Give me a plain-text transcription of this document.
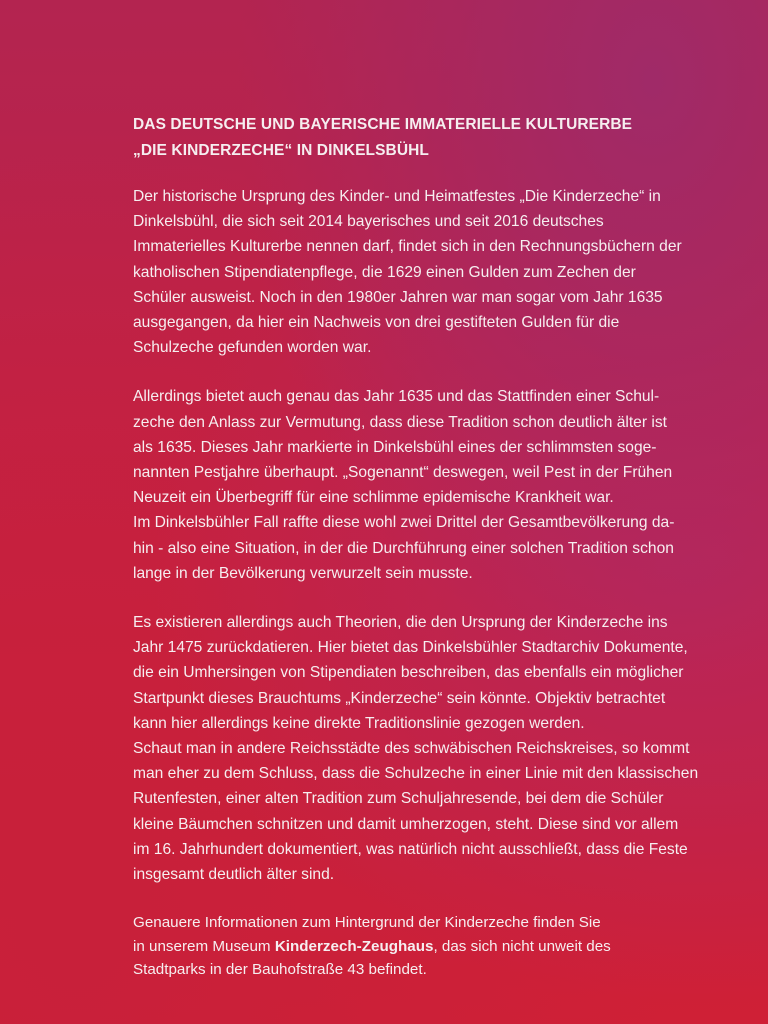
DAS DEUTSCHE UND BAYERISCHE IMMATERIELLE KULTURERBE
„DIE KINDERZECHE“ IN DINKELSBÜHL
Der historische Ursprung des Kinder- und Heimatfestes „Die Kinderzeche“ in
Dinkelsbühl, die sich seit 2014 bayerisches und seit 2016 deutsches
Immaterielles Kulturerbe nennen darf, findet sich in den Rechnungsbüchern der
katholischen Stipendiatenpflege, die 1629 einen Gulden zum Zechen der
Schüler ausweist. Noch in den 1980er Jahren war man sogar vom Jahr 1635
ausgegangen, da hier ein Nachweis von drei gestifteten Gulden für die
Schulzeche gefunden worden war.
Allerdings bietet auch genau das Jahr 1635 und das Stattfinden einer Schul-
zeche den Anlass zur Vermutung, dass diese Tradition schon deutlich älter ist
als 1635. Dieses Jahr markierte in Dinkelsbühl eines der schlimmsten soge-
nannten Pestjahre überhaupt. „Sogenannt“ deswegen, weil Pest in der Frühen
Neuzeit ein Überbegriff für eine schlimme epidemische Krankheit war.
Im Dinkelsbühler Fall raffte diese wohl zwei Drittel der Gesamtbevölkerung da-
hin - also eine Situation, in der die Durchführung einer solchen Tradition schon
lange in der Bevölkerung verwurzelt sein musste.
Es existieren allerdings auch Theorien, die den Ursprung der Kinderzeche ins
Jahr 1475 zurückdatieren. Hier bietet das Dinkelsbühler Stadtarchiv Dokumente,
die ein Umhersingen von Stipendiaten beschreiben, das ebenfalls ein möglicher
Startpunkt dieses Brauchtums „Kinderzeche“ sein könnte. Objektiv betrachtet
kann hier allerdings keine direkte Traditionslinie gezogen werden.
Schaut man in andere Reichsstädte des schwäbischen Reichskreises, so kommt
man eher zu dem Schluss, dass die Schulzeche in einer Linie mit den klassischen
Rutenfesten, einer alten Tradition zum Schuljahresende, bei dem die Schüler
kleine Bäumchen schnitzen und damit umherzogen, steht. Diese sind vor allem
im 16. Jahrhundert dokumentiert, was natürlich nicht ausschließt, dass die Feste
insgesamt deutlich älter sind.
Genauere Informationen zum Hintergrund der Kinderzeche finden Sie
in unserem Museum Kinderzech-Zeughaus, das sich nicht unweit des
Stadtparks in der Bauhofstraße 43 befindet.
